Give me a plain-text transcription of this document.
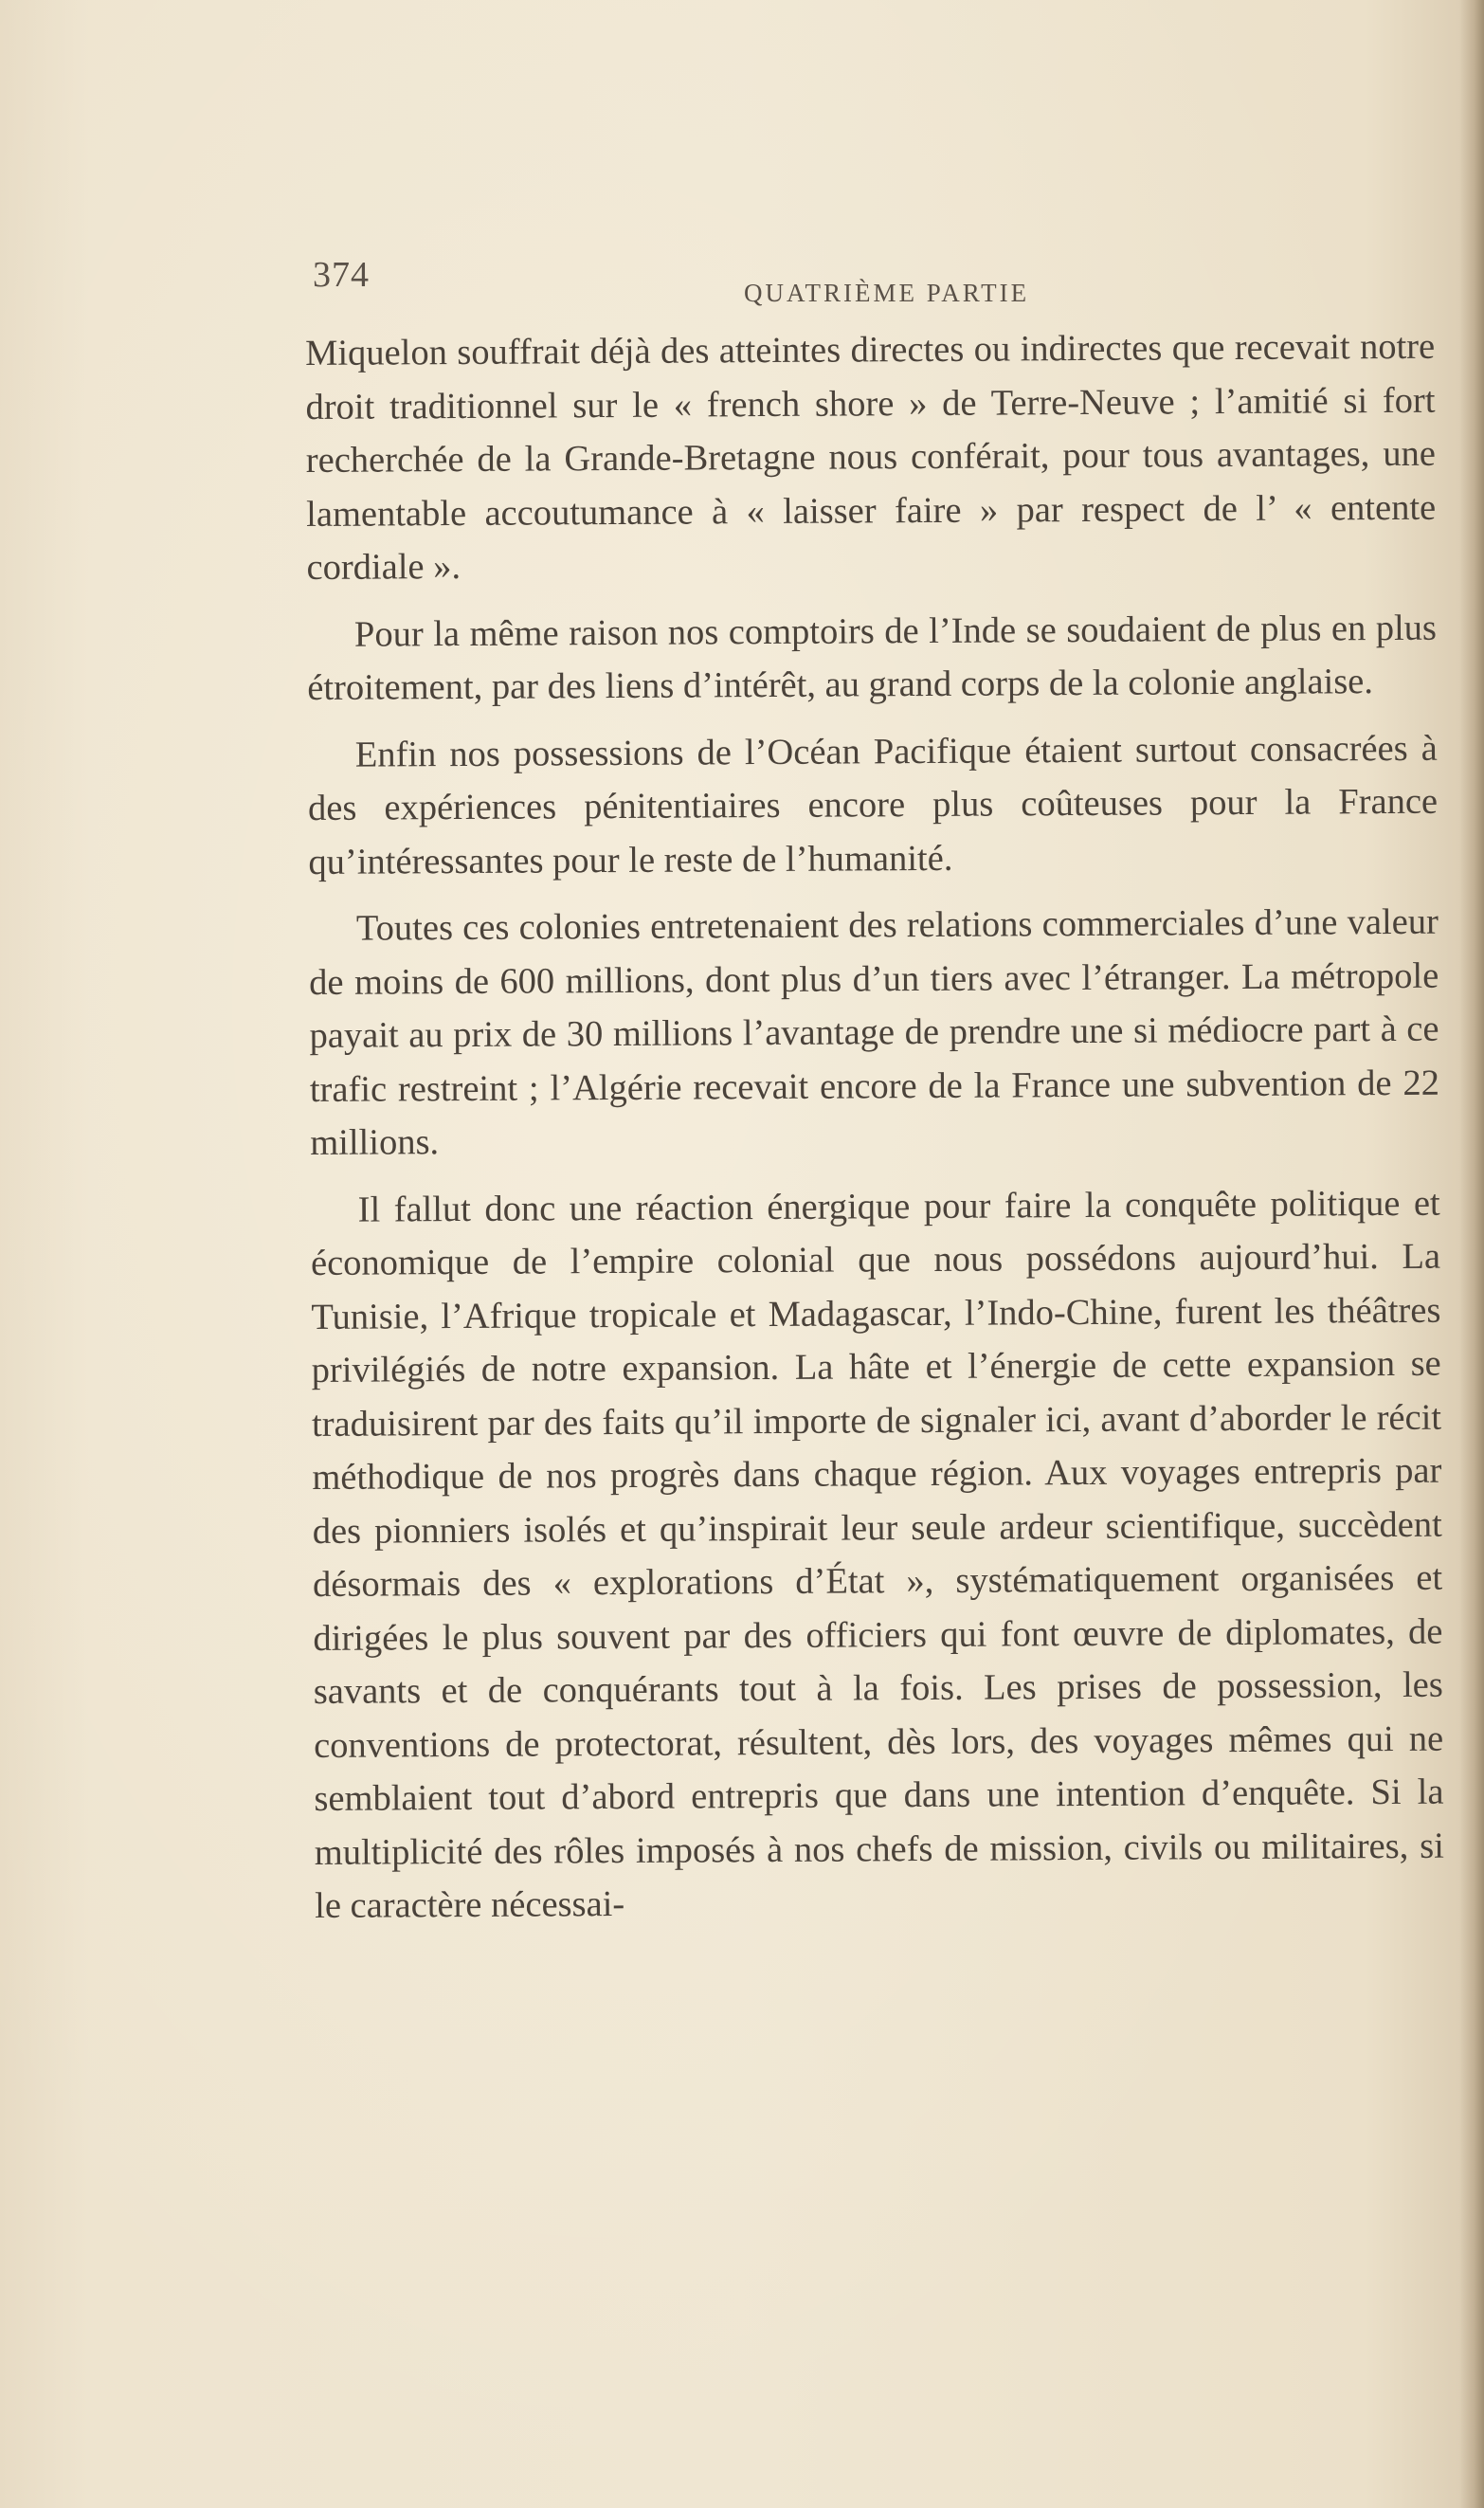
374	QUATRIÈME PARTIE

Miquelon souffrait déjà des atteintes directes ou indirectes que recevait notre droit traditionnel sur le « french shore » de Terre-Neuve ; l’amitié si fort recherchée de la Grande-Bretagne nous conférait, pour tous avantages, une lamentable accoutumance à « laisser faire » par respect de l’ « entente cordiale ».

Pour la même raison nos comptoirs de l’Inde se soudaient de plus en plus étroitement, par des liens d’intérêt, au grand corps de la colonie anglaise.

Enfin nos possessions de l’Océan Pacifique étaient surtout consacrées à des expériences pénitentiaires encore plus coûteuses pour la France qu’intéressantes pour le reste de l’humanité.

Toutes ces colonies entretenaient des relations commerciales d’une valeur de moins de 600 millions, dont plus d’un tiers avec l’étranger. La métropole payait au prix de 30 millions l’avantage de prendre une si médiocre part à ce trafic restreint ; l’Algérie recevait encore de la France une subvention de 22 millions.

Il fallut donc une réaction énergique pour faire la conquête politique et économique de l’empire colonial que nous possédons aujourd’hui. La Tunisie, l’Afrique tropicale et Madagascar, l’Indo-Chine, furent les théâtres privilégiés de notre expansion. La hâte et l’énergie de cette expansion se traduisirent par des faits qu’il importe de signaler ici, avant d’aborder le récit méthodique de nos progrès dans chaque région. Aux voyages entrepris par des pionniers isolés et qu’inspirait leur seule ardeur scientifique, succèdent désormais des « explorations d’État », systématiquement organisées et dirigées le plus souvent par des officiers qui font œuvre de diplomates, de savants et de conquérants tout à la fois. Les prises de possession, les conventions de protectorat, résultent, dès lors, des voyages mêmes qui ne semblaient tout d’abord entrepris que dans une intention d’enquête. Si la multiplicité des rôles imposés à nos chefs de mission, civils ou militaires, si le caractère nécessai-
